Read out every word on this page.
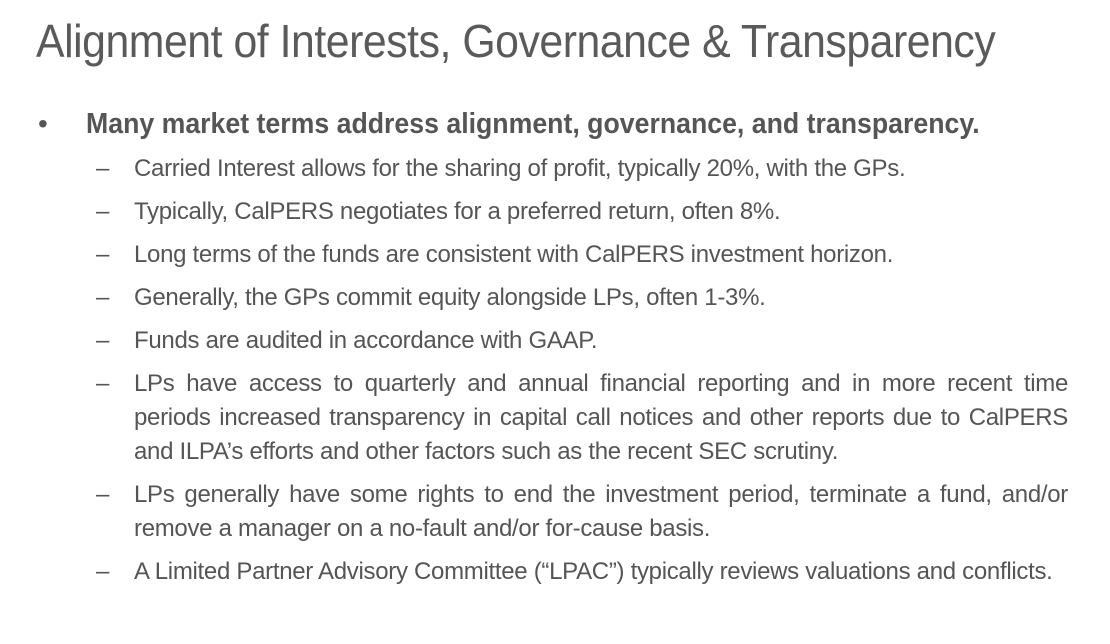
Alignment of Interests, Governance & Transparency
•	Many market terms address alignment, governance, and transparency.
–	Carried Interest allows for the sharing of profit, typically 20%, with the GPs.
–	Typically, CalPERS negotiates for a preferred return, often 8%.
–	Long terms of the funds are consistent with CalPERS investment horizon.
–	Generally, the GPs commit equity alongside LPs, often 1-3%.
–	Funds are audited in accordance with GAAP.
–	LPs have access to quarterly and annual financial reporting and in more recent time periods increased transparency in capital call notices and other reports due to CalPERS and ILPA’s efforts and other factors such as the recent SEC scrutiny.
–	LPs generally have some rights to end the investment period, terminate a fund, and/or remove a manager on a no-fault and/or for-cause basis.
–	A Limited Partner Advisory Committee (“LPAC”) typically reviews valuations and conflicts.
